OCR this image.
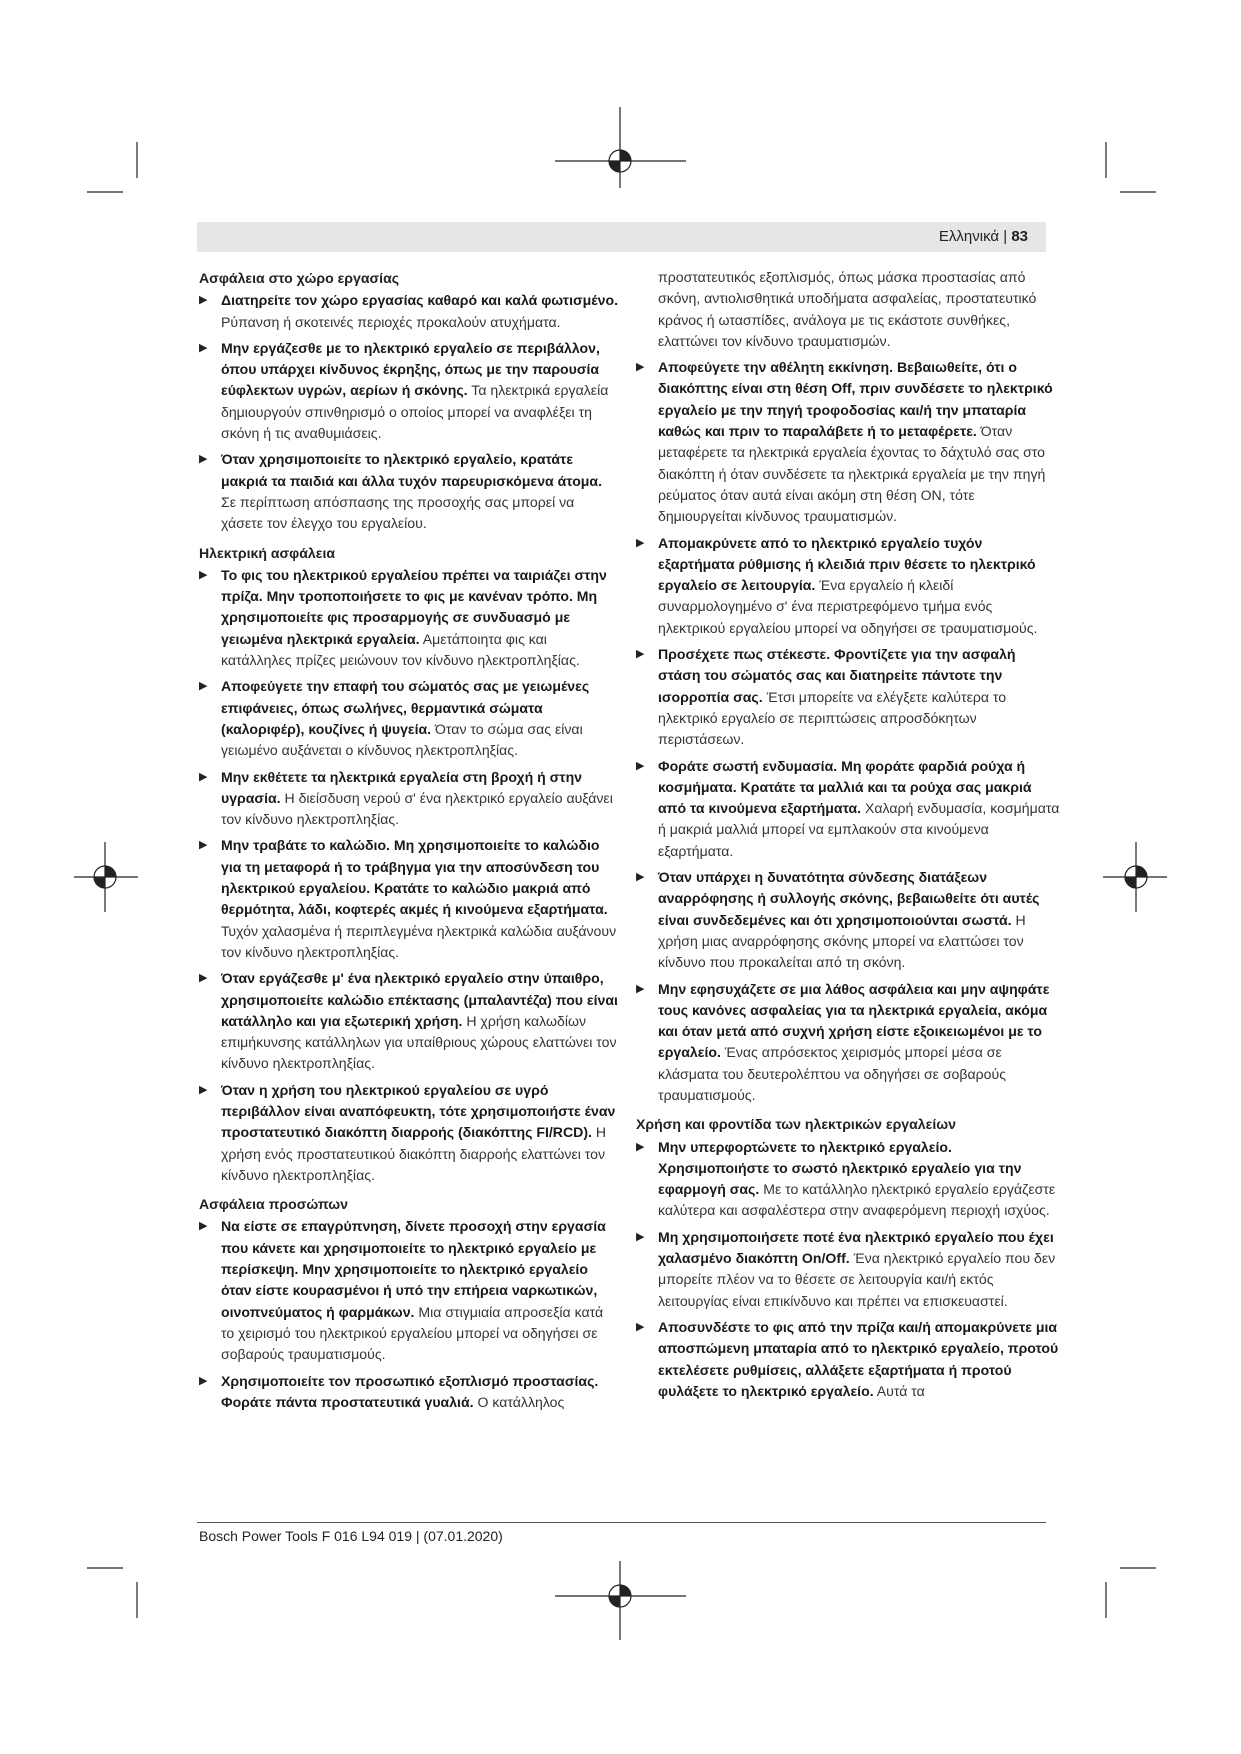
Ελληνικά | 83
Ασφάλεια στο χώρο εργασίας
▶ Διατηρείτε τον χώρο εργασίας καθαρό και καλά φωτισμένο. Ρύπανση ή σκοτεινές περιοχές προκαλούν ατυχήματα.
▶ Μην εργάζεσθε με το ηλεκτρικό εργαλείο σε περιβάλλον, όπου υπάρχει κίνδυνος έκρηξης, όπως με την παρουσία εύφλεκτων υγρών, αερίων ή σκόνης. Τα ηλεκτρικά εργαλεία δημιουργούν σπινθηρισμό ο οποίος μπορεί να αναφλέξει τη σκόνη ή τις αναθυμιάσεις.
▶ Όταν χρησιμοποιείτε το ηλεκτρικό εργαλείο, κρατάτε μακριά τα παιδιά και άλλα τυχόν παρευρισκόμενα άτομα. Σε περίπτωση απόσπασης της προσοχής σας μπορεί να χάσετε τον έλεγχο του εργαλείου.
Ηλεκτρική ασφάλεια
▶ Το φις του ηλεκτρικού εργαλείου πρέπει να ταιριάζει στην πρίζα. Μην τροποποιήσετε το φις με κανέναν τρόπο. Μη χρησιμοποιείτε φις προσαρμογής σε συνδυασμό με γειωμένα ηλεκτρικά εργαλεία. Αμετάποιητα φις και κατάλληλες πρίζες μειώνουν τον κίνδυνο ηλεκτροπληξίας.
▶ Αποφεύγετε την επαφή του σώματός σας με γειωμένες επιφάνειες, όπως σωλήνες, θερμαντικά σώματα (καλοριφέρ), κουζίνες ή ψυγεία. Όταν το σώμα σας είναι γειωμένο αυξάνεται ο κίνδυνος ηλεκτροπληξίας.
▶ Μην εκθέτετε τα ηλεκτρικά εργαλεία στη βροχή ή στην υγρασία. Η διείσδυση νερού σ' ένα ηλεκτρικό εργαλείο αυξάνει τον κίνδυνο ηλεκτροπληξίας.
▶ Μην τραβάτε το καλώδιο. Μη χρησιμοποιείτε το καλώδιο για τη μεταφορά ή το τράβηγμα για την αποσύνδεση του ηλεκτρικού εργαλείου. Κρατάτε το καλώδιο μακριά από θερμότητα, λάδι, κοφτερές ακμές ή κινούμενα εξαρτήματα. Τυχόν χαλασμένα ή περιπλεγμένα ηλεκτρικά καλώδια αυξάνουν τον κίνδυνο ηλεκτροπληξίας.
▶ Όταν εργάζεσθε μ' ένα ηλεκτρικό εργαλείο στην ύπαιθρο, χρησιμοποιείτε καλώδιο επέκτασης (μπαλαντέζα) που είναι κατάλληλο και για εξωτερική χρήση. Η χρήση καλωδίων επιμήκυνσης κατάλληλων για υπαίθριους χώρους ελαττώνει τον κίνδυνο ηλεκτροπληξίας.
▶ Όταν η χρήση του ηλεκτρικού εργαλείου σε υγρό περιβάλλον είναι αναπόφευκτη, τότε χρησιμοποιήστε έναν προστατευτικό διακόπτη διαρροής (διακόπτης FI/RCD). Η χρήση ενός προστατευτικού διακόπτη διαρροής ελαττώνει τον κίνδυνο ηλεκτροπληξίας.
Ασφάλεια προσώπων
▶ Να είστε σε επαγρύπνηση, δίνετε προσοχή στην εργασία που κάνετε και χρησιμοποιείτε το ηλεκτρικό εργαλείο με περίσκεψη. Μην χρησιμοποιείτε το ηλεκτρικό εργαλείο όταν είστε κουρασμένοι ή υπό την επήρεια ναρκωτικών, οινοπνεύματος ή φαρμάκων. Μια στιγμιαία απροσεξία κατά το χειρισμό του ηλεκτρικού εργαλείου μπορεί να οδηγήσει σε σοβαρούς τραυματισμούς.
▶ Χρησιμοποιείτε τον προσωπικό εξοπλισμό προστασίας. Φοράτε πάντα προστατευτικά γυαλιά. Ο κατάλληλος
προστατευτικός εξοπλισμός, όπως μάσκα προστασίας από σκόνη, αντιολισθητικά υποδήματα ασφαλείας, προστατευτικό κράνος ή ωτασπίδες, ανάλογα με τις εκάστοτε συνθήκες, ελαττώνει τον κίνδυνο τραυματισμών.
▶ Αποφεύγετε την αθέλητη εκκίνηση. Βεβαιωθείτε, ότι ο διακόπτης είναι στη θέση Off, πριν συνδέσετε το ηλεκτρικό εργαλείο με την πηγή τροφοδοσίας και/ή την μπαταρία καθώς και πριν το παραλάβετε ή το μεταφέρετε. Όταν μεταφέρετε τα ηλεκτρικά εργαλεία έχοντας το δάχτυλό σας στο διακόπτη ή όταν συνδέσετε τα ηλεκτρικά εργαλεία με την πηγή ρεύματος όταν αυτά είναι ακόμη στη θέση ON, τότε δημιουργείται κίνδυνος τραυματισμών.
▶ Απομακρύνετε από το ηλεκτρικό εργαλείο τυχόν εξαρτήματα ρύθμισης ή κλειδιά πριν θέσετε το ηλεκτρικό εργαλείο σε λειτουργία. Ένα εργαλείο ή κλειδί συναρμολογημένο σ' ένα περιστρεφόμενο τμήμα ενός ηλεκτρικού εργαλείου μπορεί να οδηγήσει σε τραυματισμούς.
▶ Προσέχετε πως στέκεστε. Φροντίζετε για την ασφαλή στάση του σώματός σας και διατηρείτε πάντοτε την ισορροπία σας. Έτσι μπορείτε να ελέγξετε καλύτερα το ηλεκτρικό εργαλείο σε περιπτώσεις απροσδόκητων περιστάσεων.
▶ Φοράτε σωστή ενδυμασία. Μη φοράτε φαρδιά ρούχα ή κοσμήματα. Κρατάτε τα μαλλιά και τα ρούχα σας μακριά από τα κινούμενα εξαρτήματα. Χαλαρή ενδυμασία, κοσμήματα ή μακριά μαλλιά μπορεί να εμπλακούν στα κινούμενα εξαρτήματα.
▶ Όταν υπάρχει η δυνατότητα σύνδεσης διατάξεων αναρρόφησης ή συλλογής σκόνης, βεβαιωθείτε ότι αυτές είναι συνδεδεμένες και ότι χρησιμοποιούνται σωστά. Η χρήση μιας αναρρόφησης σκόνης μπορεί να ελαττώσει τον κίνδυνο που προκαλείται από τη σκόνη.
▶ Μην εφησυχάζετε σε μια λάθος ασφάλεια και μην αψηφάτε τους κανόνες ασφαλείας για τα ηλεκτρικά εργαλεία, ακόμα και όταν μετά από συχνή χρήση είστε εξοικειωμένοι με το εργαλείο. Ένας απρόσεκτος χειρισμός μπορεί μέσα σε κλάσματα του δευτερολέπτου να οδηγήσει σε σοβαρούς τραυματισμούς.
Χρήση και φροντίδα των ηλεκτρικών εργαλείων
▶ Μην υπερφορτώνετε το ηλεκτρικό εργαλείο. Χρησιμοποιήστε το σωστό ηλεκτρικό εργαλείο για την εφαρμογή σας. Με το κατάλληλο ηλεκτρικό εργαλείο εργάζεστε καλύτερα και ασφαλέστερα στην αναφερόμενη περιοχή ισχύος.
▶ Μη χρησιμοποιήσετε ποτέ ένα ηλεκτρικό εργαλείο που έχει χαλασμένο διακόπτη On/Off. Ένα ηλεκτρικό εργαλείο που δεν μπορείτε πλέον να το θέσετε σε λειτουργία και/ή εκτός λειτουργίας είναι επικίνδυνο και πρέπει να επισκευαστεί.
▶ Αποσυνδέστε το φις από την πρίζα και/ή απομακρύνετε μια αποσπώμενη μπαταρία από το ηλεκτρικό εργαλείο, προτού εκτελέσετε ρυθμίσεις, αλλάξετε εξαρτήματα ή προτού φυλάξετε το ηλεκτρικό εργαλείο. Αυτά τα
Bosch Power Tools F 016 L94 019 | (07.01.2020)
